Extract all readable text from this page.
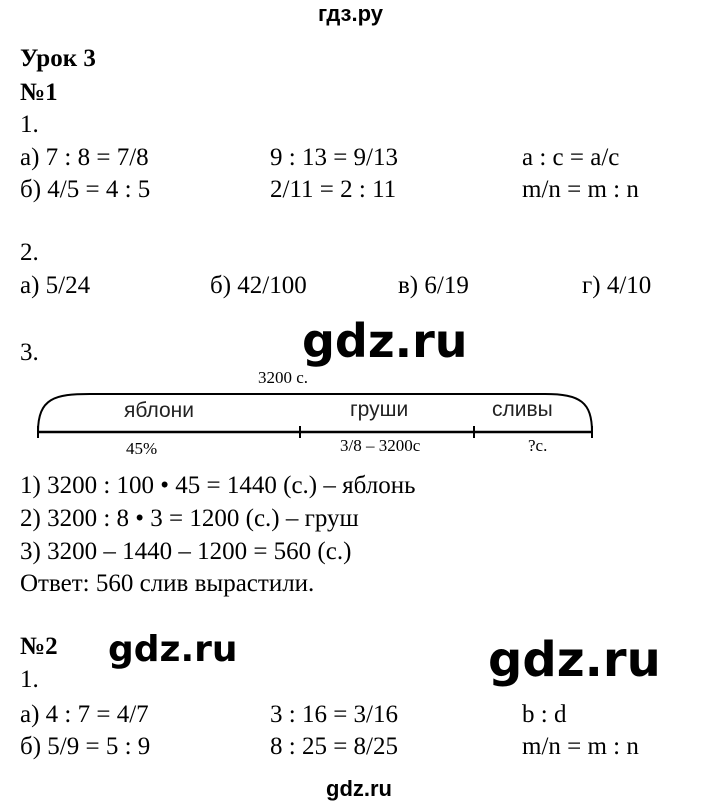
гдз.ру
Урок 3
№1
1.
а) 7 : 8 = 7/8	9 : 13 = 9/13	a : c = a/c
б) 4/5 = 4 : 5	2/11 = 2 : 11	m/n = m : n
2.
а) 5/24	б) 42/100	в) 6/19	г) 4/10
3.	gdz.ru
3200 с.
яблони	груши	сливы
45%	3/8 – 3200с	?с.
1) 3200 : 100 • 45 = 1440 (с.) – яблонь
2) 3200 : 8 • 3 = 1200 (с.) – груш
3) 3200 – 1440 – 1200 = 560 (с.)
Ответ: 560 слив вырастили.
№2 gdz.ru	gdz.ru
1.
а) 4 : 7 = 4/7	3 : 16 = 3/16	b : d
б) 5/9 = 5 : 9	8 : 25 = 8/25	m/n = m : n
gdz.ru
